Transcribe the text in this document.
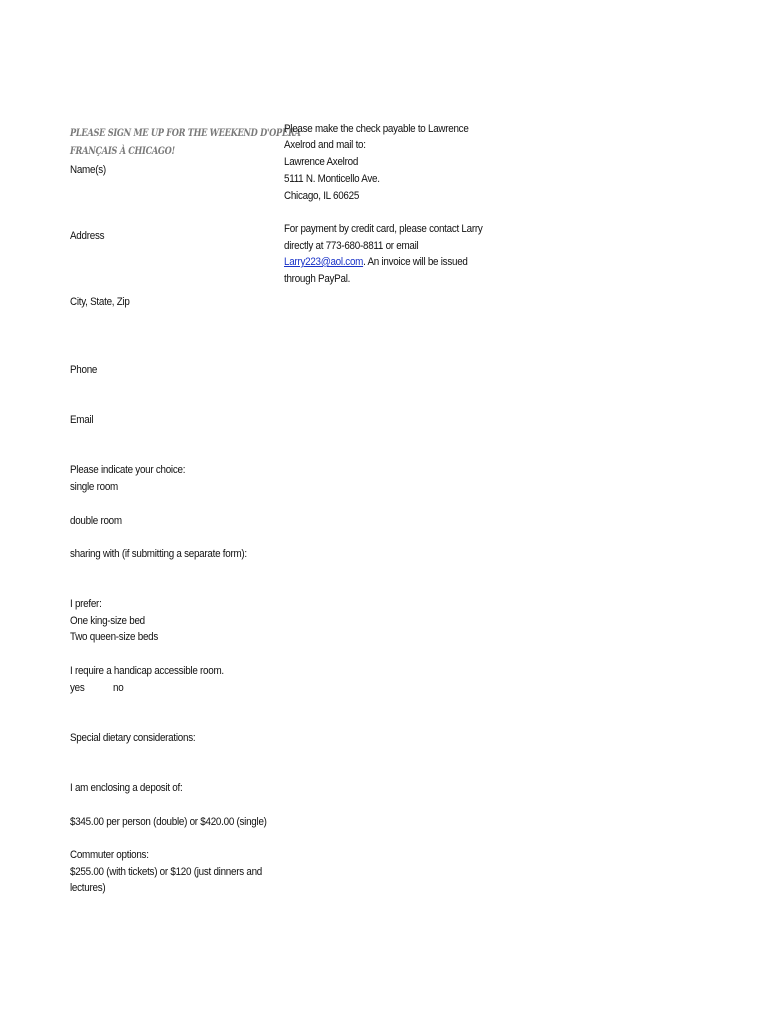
PLEASE SIGN ME UP FOR THE WEEKEND D'OPÉRA
FRANÇAIS À CHICAGO!
Name(s)
Address
City, State, Zip
Phone
Email
Please indicate your choice:
single room
double room
sharing with (if submitting a separate form):
I prefer:
One king-size bed
Two queen-size beds
I require a handicap accessible room.
yes	no
Special dietary considerations:
I am enclosing a deposit of:
$345.00 per person (double) or $420.00 (single)
Commuter options:
$255.00 (with tickets) or $120 (just dinners and
lectures)
Please make the check payable to Lawrence
Axelrod and mail to:
Lawrence Axelrod
5111 N. Monticello Ave.
Chicago, IL 60625
For payment by credit card, please contact Larry
directly at 773-680-8811 or email
Larry223@aol.com. An invoice will be issued
through PayPal.
